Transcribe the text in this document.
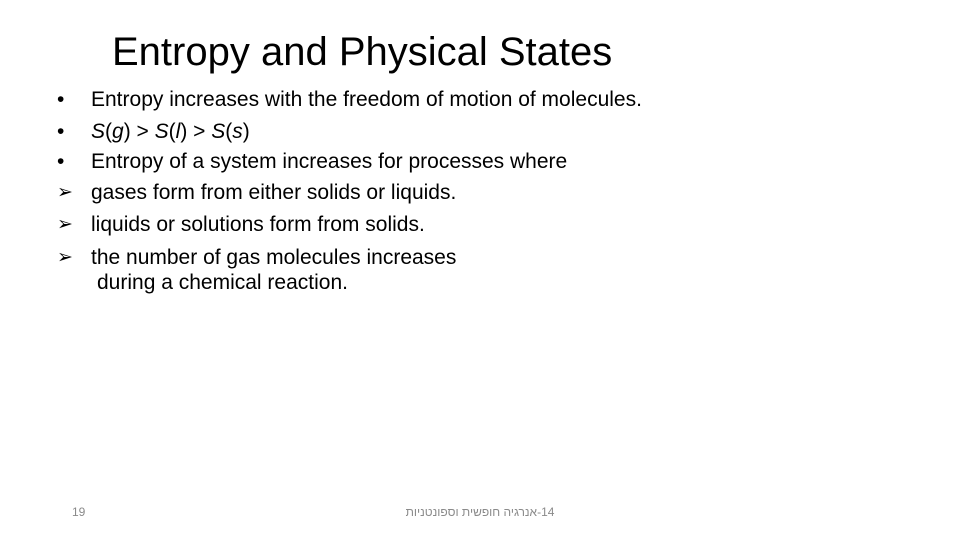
Entropy and Physical States
•	Entropy increases with the freedom of motion of molecules.
•	S(g) > S(l) > S(s)
•	Entropy of a system increases for processes where
➢ gases form from either solids or liquids.
➢ liquids or solutions form from solids.
➢ the number of gas molecules increases
during a chemical reaction.
19	14-אנרגיה חופשית וספונטניות
